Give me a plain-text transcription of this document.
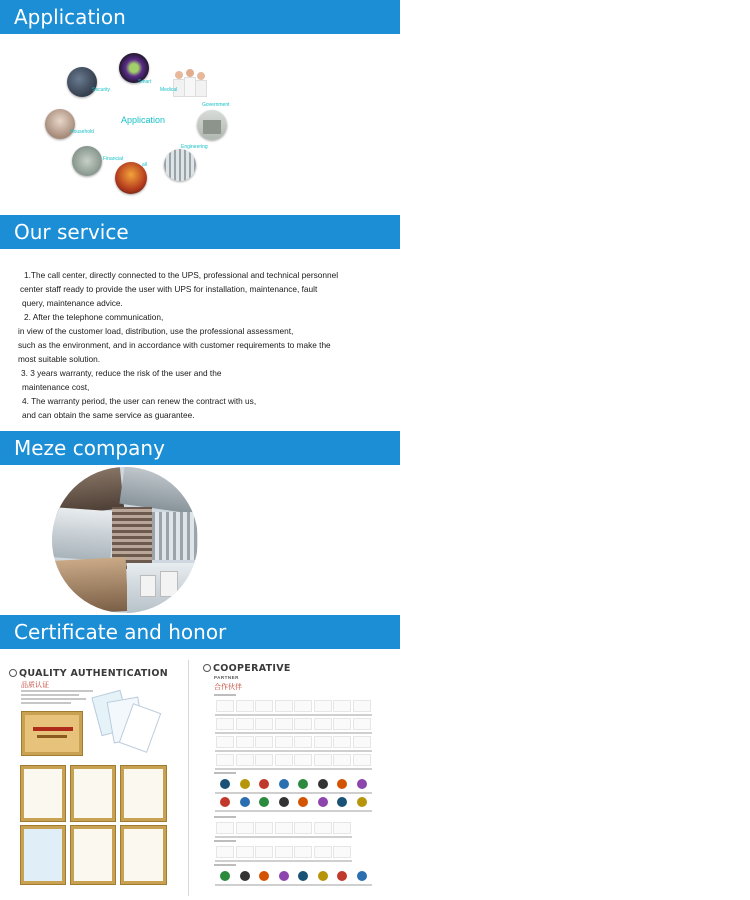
Application
Our service
Meze company
Certificate and honor
Application
Security
Smart
Medical
Government
Household
Engineering
Financial
all

1.The call center, directly connected to the UPS, professional and technical personnel

center staff ready to provide the user with UPS for installation, maintenance, fault

query, maintenance advice.

2. After the telephone communication,

in view of the customer load, distribution, use the professional assessment,

such as the environment, and in accordance with customer requirements to make the

most suitable solution.

3. 3 years warranty, reduce the risk of the user and the

maintenance cost,

4. The warranty period, the user can renew the contract with us,

and can obtain the same service as guarantee.

QUALITY AUTHENTICATION
品质认证
COOPERATIVE
PARTNER
合作伙伴
